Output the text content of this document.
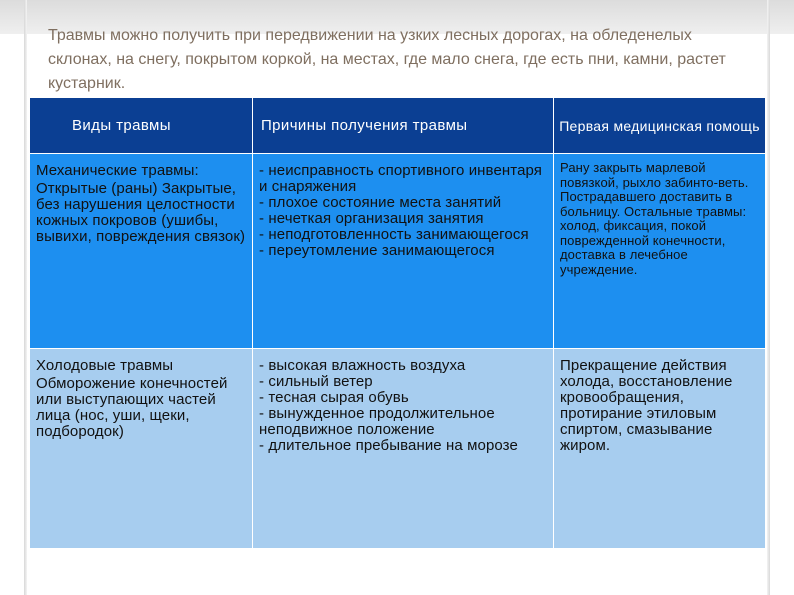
Травмы можно получить при передвижении на узких лесных дорогах, на обледенелых склонах, на снегу, покрытом коркой, на местах, где мало снега, где есть пни, камни, растет кустарник.

Виды травмы	Причины получения травмы	Первая медицинская помощь

Механические травмы:
Открытые (раны) Закрытые, без нарушения целостности кожных покровов (ушибы, вывихи, повреждения связок)	- неисправность спортивного инвентаря и снаряжения
- плохое состояние места занятий
- нечеткая организация занятия
- неподготовленность занимающегося
- переутомление занимающегося	Рану закрыть марлевой повязкой, рыхло забинто-веть. Пострадавшего доставить в больницу. Остальные травмы: холод, фиксация, покой поврежденной конечности, доставка в лечебное учреждение.

Холодовые травмы
Обморожение конечностей или выступающих частей лица (нос, уши, щеки, подбородок)	- высокая влажность воздуха
- сильный ветер
- тесная сырая обувь
- вынужденное продолжительное неподвижное положение
- длительное пребывание на морозе	Прекращение действия холода, восстановление кровообращения, протирание этиловым спиртом, смазывание жиром.
